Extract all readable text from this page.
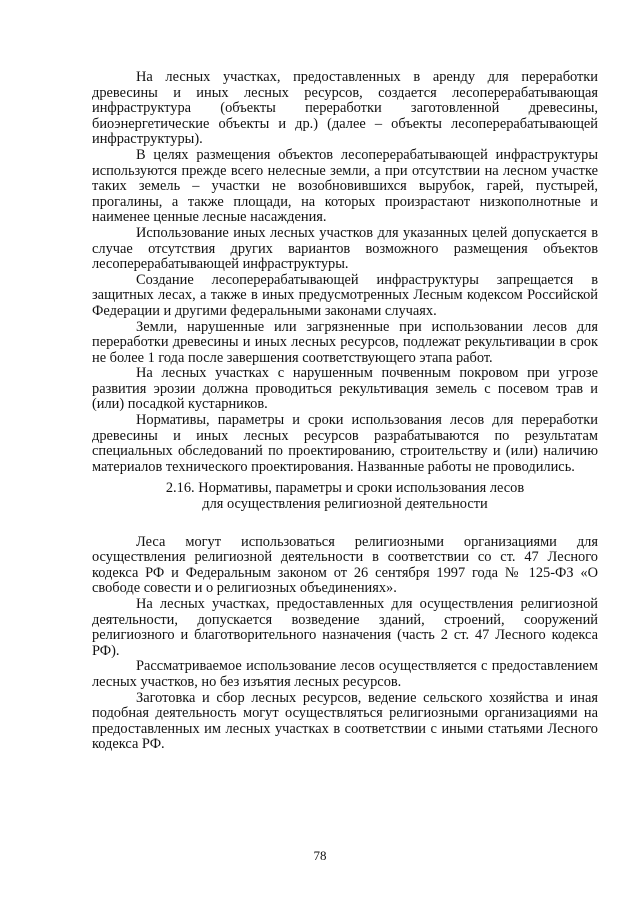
На лесных участках, предоставленных в аренду для переработки древесины и иных лесных ресурсов, создается лесоперерабатывающая инфраструктура (объекты переработки заготовленной древесины, биоэнергетические объекты и др.) (далее – объекты лесоперерабатывающей инфраструктуры).

В целях размещения объектов лесоперерабатывающей инфраструктуры используются прежде всего нелесные земли, а при отсутствии на лесном участке таких земель – участки не возобновившихся вырубок, гарей, пустырей, прогалины, а также площади, на которых произрастают низкополнотные и наименее ценные лесные насаждения.

Использование иных лесных участков для указанных целей допускается в случае отсутствия других вариантов возможного размещения объектов лесоперерабатывающей инфраструктуры.

Создание лесоперерабатывающей инфраструктуры запрещается в защитных лесах, а также в иных предусмотренных Лесным кодексом Российской Федерации и другими федеральными законами случаях.

Земли, нарушенные или загрязненные при использовании лесов для переработки древесины и иных лесных ресурсов, подлежат рекультивации в срок не более 1 года после завершения соответствующего этапа работ.

На лесных участках с нарушенным почвенным покровом при угрозе развития эрозии должна проводиться рекультивация земель с посевом трав и (или) посадкой кустарников.

Нормативы, параметры и сроки использования лесов для переработки древесины и иных лесных ресурсов разрабатываются по результатам специальных обследований по проектированию, строительству и (или) наличию материалов технического проектирования. Названные работы не проводились.

2.16. Нормативы, параметры и сроки использования лесов
для осуществления религиозной деятельности

Леса могут использоваться религиозными организациями для осуществления религиозной деятельности в соответствии со ст. 47 Лесного кодекса РФ и Федеральным законом от 26 сентября 1997 года № 125-ФЗ «О свободе совести и о религиозных объединениях».

На лесных участках, предоставленных для осуществления религиозной деятельности, допускается возведение зданий, строений, сооружений религиозного и благотворительного назначения (часть 2 ст. 47 Лесного кодекса РФ).

Рассматриваемое использование лесов осуществляется с предоставлением лесных участков, но без изъятия лесных ресурсов.

Заготовка и сбор лесных ресурсов, ведение сельского хозяйства и иная подобная деятельность могут осуществляться религиозными организациями на предоставленных им лесных участках в соответствии с иными статьями Лесного кодекса РФ.

78
